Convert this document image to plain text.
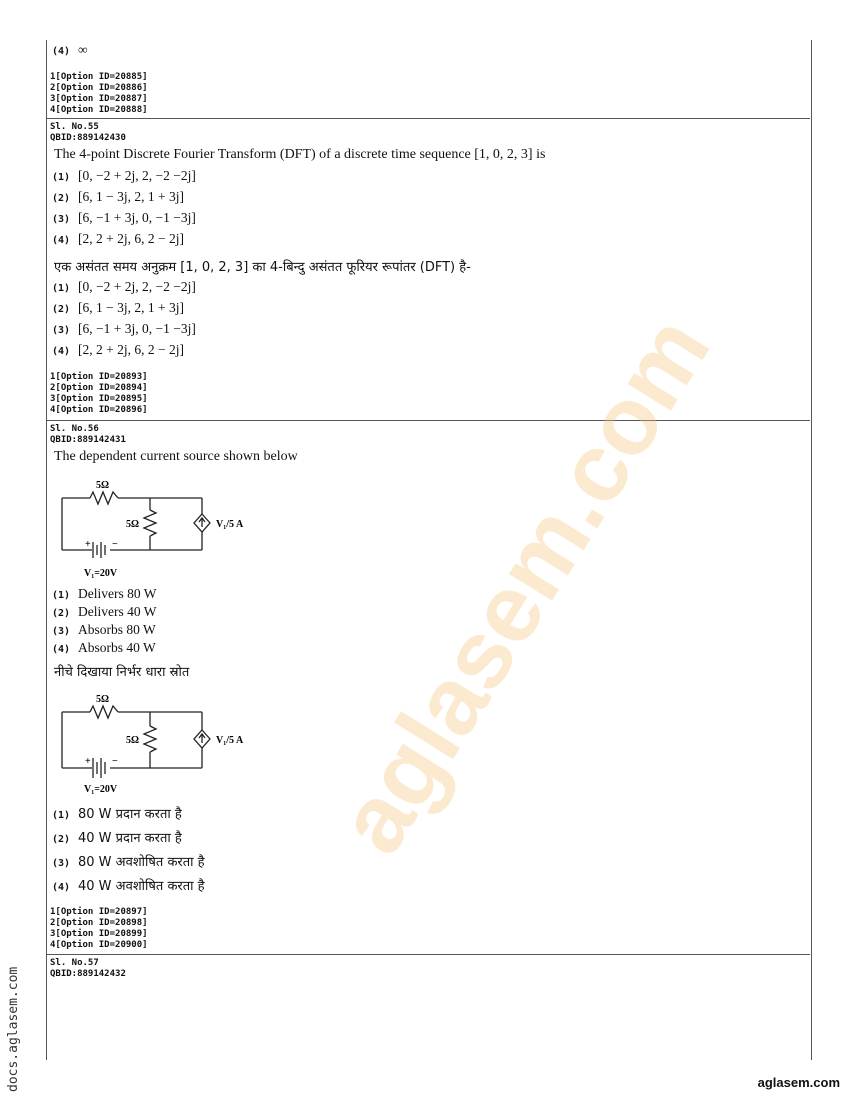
(4) ∞
1[Option ID=20885]
2[Option ID=20886]
3[Option ID=20887]
4[Option ID=20888]
Sl. No.55
QBID:889142430
The 4-point Discrete Fourier Transform (DFT) of a discrete time sequence [1, 0, 2, 3] is
(1) [0, −2 + 2j, 2, −2 −2j]
(2) [6, 1 − 3j, 2, 1 + 3j]
(3) [6, −1 + 3j, 0, −1 −3j]
(4) [2, 2 + 2j, 6, 2 − 2j]
एक असंतत समय अनुक्रम [1, 0, 2, 3] का 4-बिन्दु असंतत फूरियर रूपांतर (DFT) है-
(1) [0, −2 + 2j, 2, −2 −2j]
(2) [6, 1 − 3j, 2, 1 + 3j]
(3) [6, −1 + 3j, 0, −1 −3j]
(4) [2, 2 + 2j, 6, 2 − 2j]
1[Option ID=20893]
2[Option ID=20894]
3[Option ID=20895]
4[Option ID=20896]
Sl. No.56
QBID:889142431
The dependent current source shown below
5Ω
5Ω	V₁/5 A
+ −
V₁=20V
(1) Delivers 80 W
(2) Delivers 40 W
(3) Absorbs 80 W
(4) Absorbs 40 W
नीचे दिखाया निर्भर धारा स्रोत
5Ω
5Ω	V₁/5 A
+ −
V₁=20V
(1) 80 W प्रदान करता है
(2) 40 W प्रदान करता है
(3) 80 W अवशोषित करता है
(4) 40 W अवशोषित करता है
1[Option ID=20897]
2[Option ID=20898]
3[Option ID=20899]
4[Option ID=20900]
Sl. No.57
QBID:889142432
aglasem.com
docs.aglasem.com	aglasem.com
